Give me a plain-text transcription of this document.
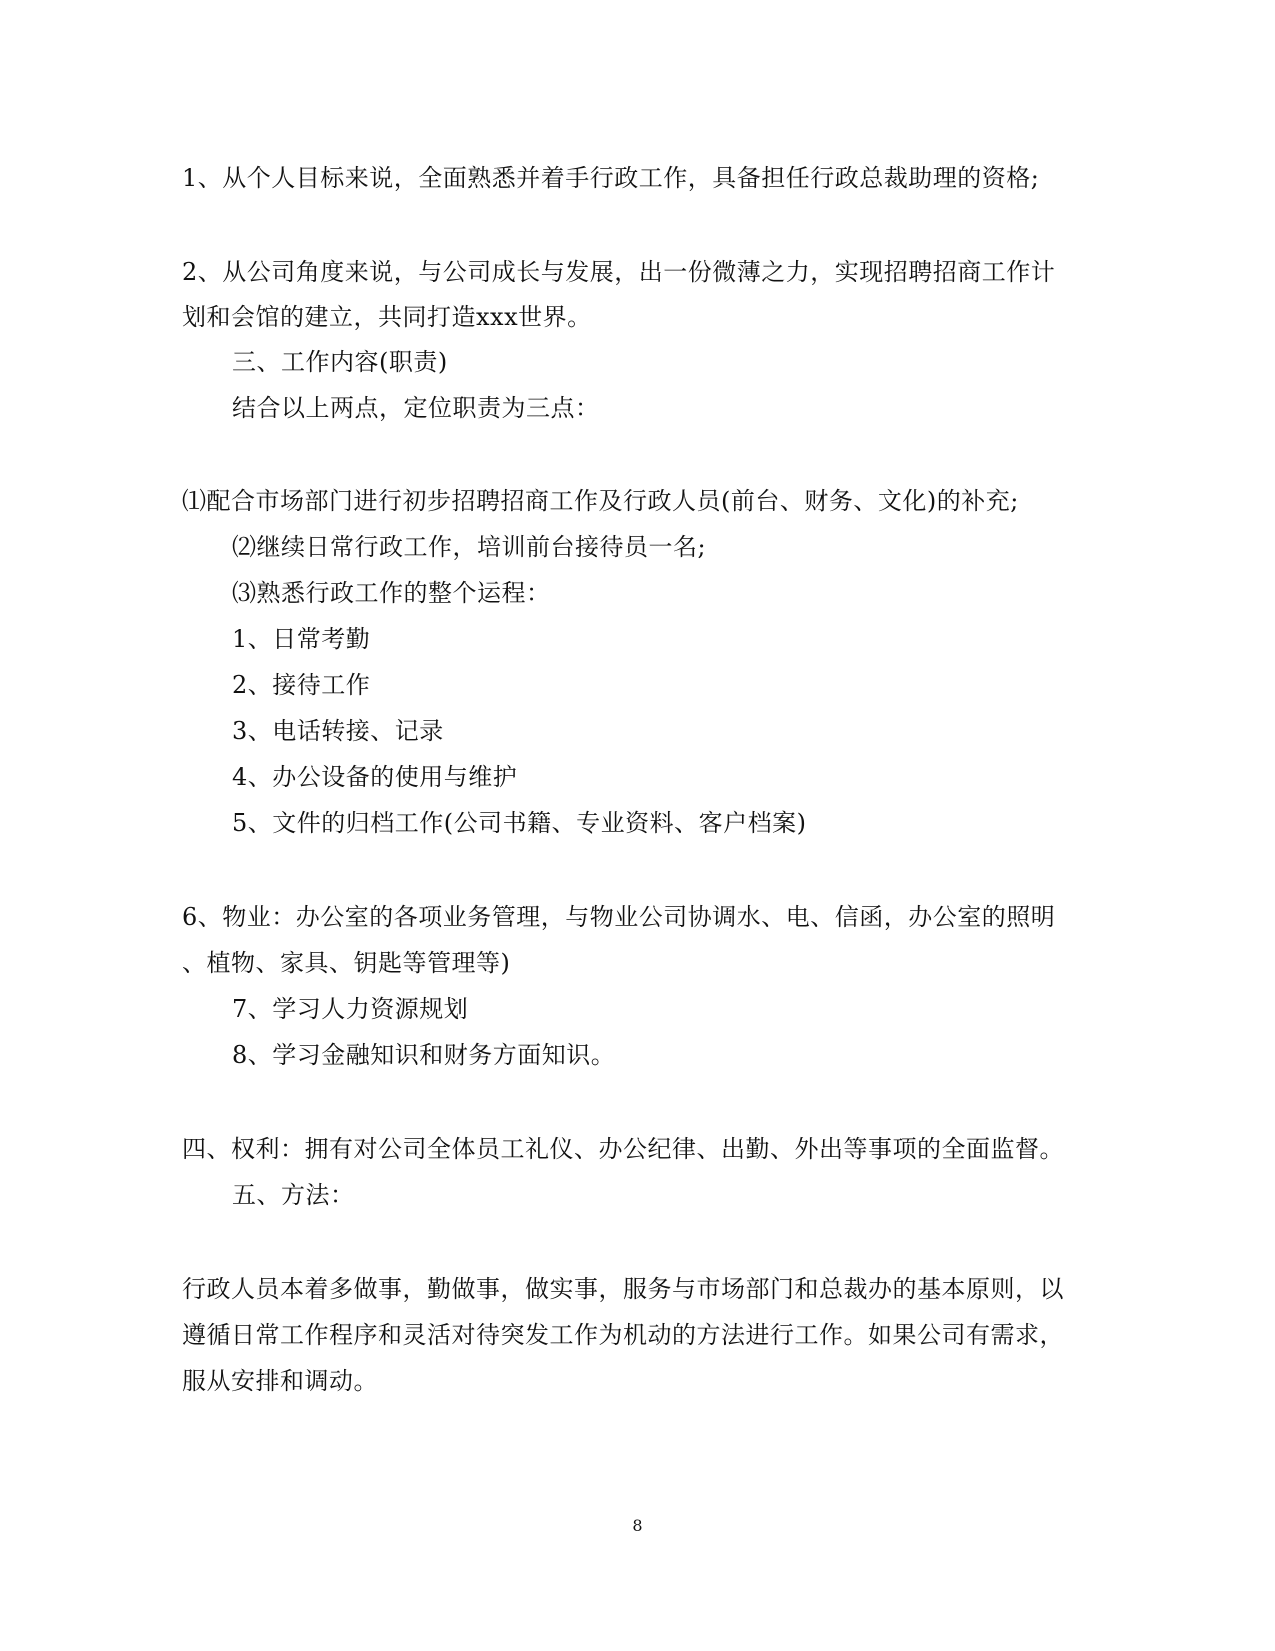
1、从个人目标来说，全面熟悉并着手行政工作，具备担任行政总裁助理的资格;
2、从公司角度来说，与公司成长与发展，出一份微薄之力，实现招聘招商工作计
划和会馆的建立，共同打造xxx世界。
三、工作内容(职责)
结合以上两点，定位职责为三点：
⑴配合市场部门进行初步招聘招商工作及行政人员(前台、财务、文化)的补充;
⑵继续日常行政工作，培训前台接待员一名;
⑶熟悉行政工作的整个运程：
1、日常考勤
2、接待工作
3、电话转接、记录
4、办公设备的使用与维护
5、文件的归档工作(公司书籍、专业资料、客户档案)
6、物业：办公室的各项业务管理，与物业公司协调水、电、信函，办公室的照明
、植物、家具、钥匙等管理等)
7、学习人力资源规划
8、学习金融知识和财务方面知识。
四、权利：拥有对公司全体员工礼仪、办公纪律、出勤、外出等事项的全面监督。
五、方法：
行政人员本着多做事，勤做事，做实事，服务与市场部门和总裁办的基本原则，以
遵循日常工作程序和灵活对待突发工作为机动的方法进行工作。如果公司有需求，
服从安排和调动。
8
